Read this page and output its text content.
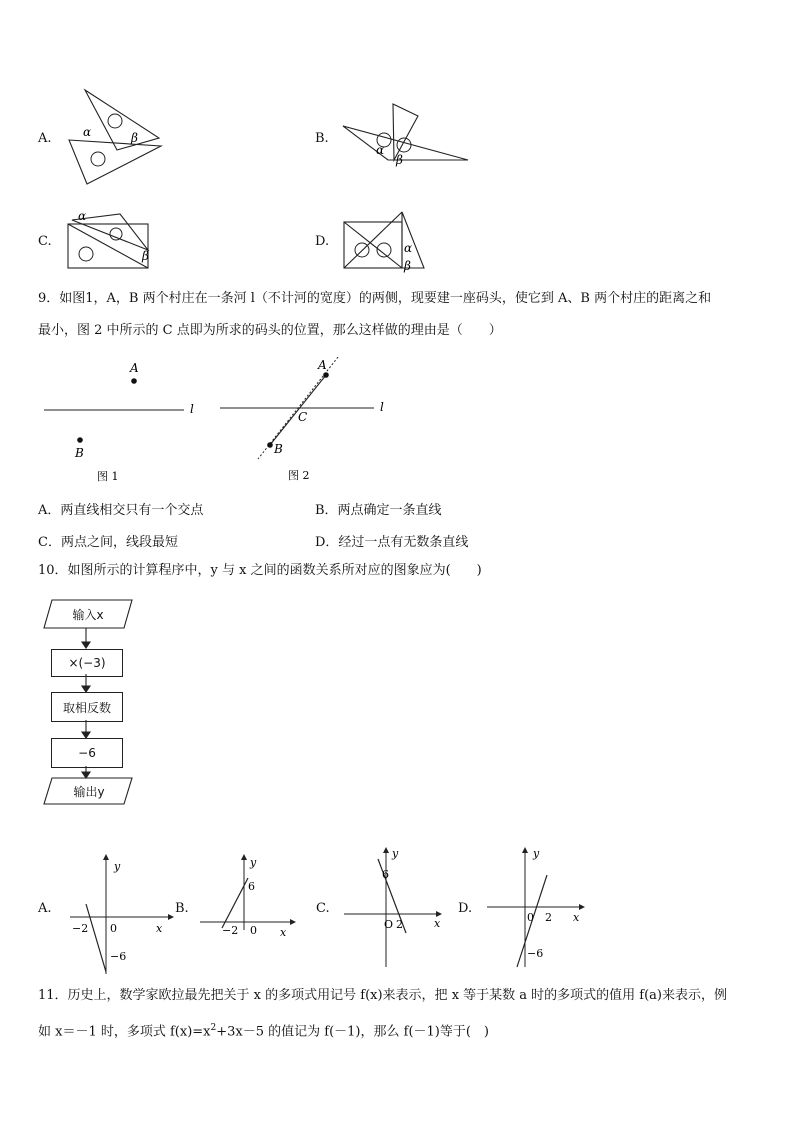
A.	α	β	B.
α
β
C.
α
β
D.	α
β
9．如图1，A，B 两个村庄在一条河 l（不计河的宽度）的两侧，现要建一座码头，使它到 A、B 两个村庄的距离之和
最小，图 2 中所示的 C 点即为所求的码头的位置，那么这样做的理由是（　　）
A
B
l
图 1
A
B
C
l
图 2
A．两直线相交只有一个交点	B．两点确定一条直线
C．两点之间，线段最短	D．经过一点有无数条直线
10．如图所示的计算程序中，y 与 x 之间的函数关系所对应的图象应为(　　)
输入x
×(−3)
取相反数
−6
输出y
A.
y
x
0
−2
−6
B.
y
x
0
−2
6
C.
y
x
O 2
6
D.
y
x
0 2
−6
11．历史上，数学家欧拉最先把关于 x 的多项式用记号 f(x)来表示，把 x 等于某数 a 时的多项式的值用 f(a)来表示，例
如 x＝－1 时，多项式 $f(x)=x^2+3x-5$ 的值记为 f(－1)，那么 f(－1)等于(　)
